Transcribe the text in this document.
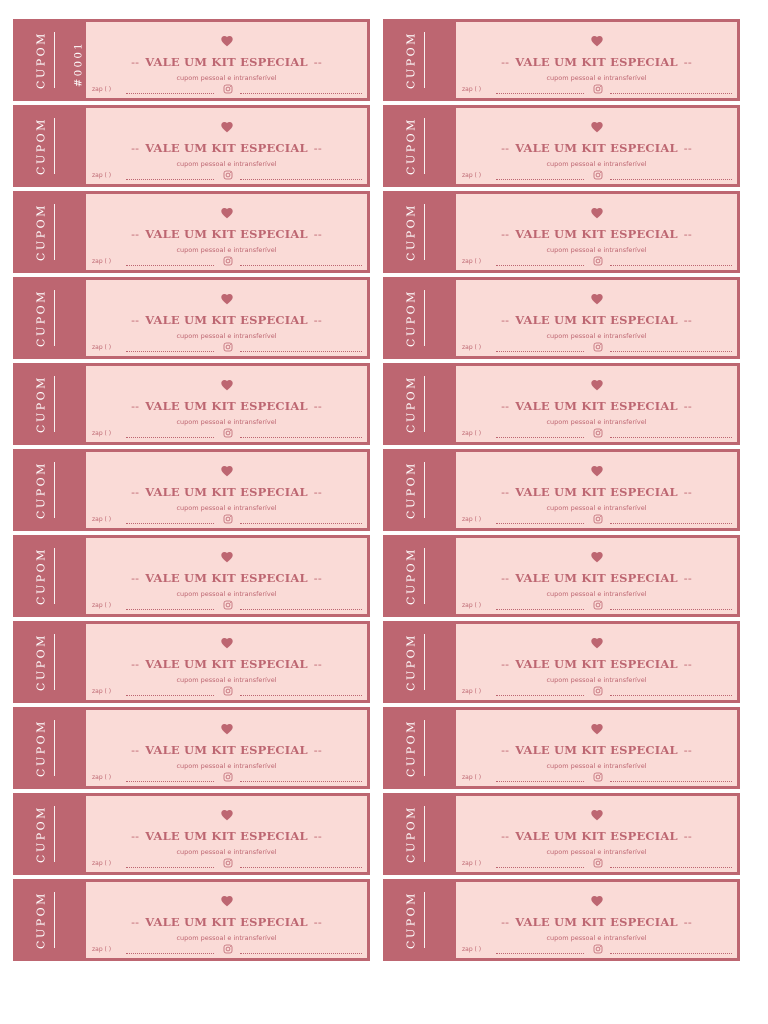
CUPOM	#0001	-- VALE UM KIT ESPECIAL --
cupom pessoal e intransferível
zap ( )
CUPOM	-- VALE UM KIT ESPECIAL --
cupom pessoal e intransferível
zap ( )
CUPOM	-- VALE UM KIT ESPECIAL --
cupom pessoal e intransferível
zap ( )
CUPOM	-- VALE UM KIT ESPECIAL --
cupom pessoal e intransferível
zap ( )
CUPOM	-- VALE UM KIT ESPECIAL --
cupom pessoal e intransferível
zap ( )
CUPOM	-- VALE UM KIT ESPECIAL --
cupom pessoal e intransferível
zap ( )
CUPOM	-- VALE UM KIT ESPECIAL --
cupom pessoal e intransferível
zap ( )
CUPOM	-- VALE UM KIT ESPECIAL --
cupom pessoal e intransferível
zap ( )
CUPOM	-- VALE UM KIT ESPECIAL --
cupom pessoal e intransferível
zap ( )
CUPOM	-- VALE UM KIT ESPECIAL --
cupom pessoal e intransferível
zap ( )
CUPOM	-- VALE UM KIT ESPECIAL --
cupom pessoal e intransferível
zap ( )
CUPOM	-- VALE UM KIT ESPECIAL --
cupom pessoal e intransferível
zap ( )
CUPOM	-- VALE UM KIT ESPECIAL --
cupom pessoal e intransferível
zap ( )
CUPOM	-- VALE UM KIT ESPECIAL --
cupom pessoal e intransferível
zap ( )
CUPOM	-- VALE UM KIT ESPECIAL --
cupom pessoal e intransferível
zap ( )
CUPOM	-- VALE UM KIT ESPECIAL --
cupom pessoal e intransferível
zap ( )
CUPOM	-- VALE UM KIT ESPECIAL --
cupom pessoal e intransferível
zap ( )
CUPOM	-- VALE UM KIT ESPECIAL --
cupom pessoal e intransferível
zap ( )
CUPOM	-- VALE UM KIT ESPECIAL --
cupom pessoal e intransferível
zap ( )
CUPOM	-- VALE UM KIT ESPECIAL --
cupom pessoal e intransferível
zap ( )
CUPOM	-- VALE UM KIT ESPECIAL --
cupom pessoal e intransferível
zap ( )
CUPOM	-- VALE UM KIT ESPECIAL --
cupom pessoal e intransferível
zap ( )
